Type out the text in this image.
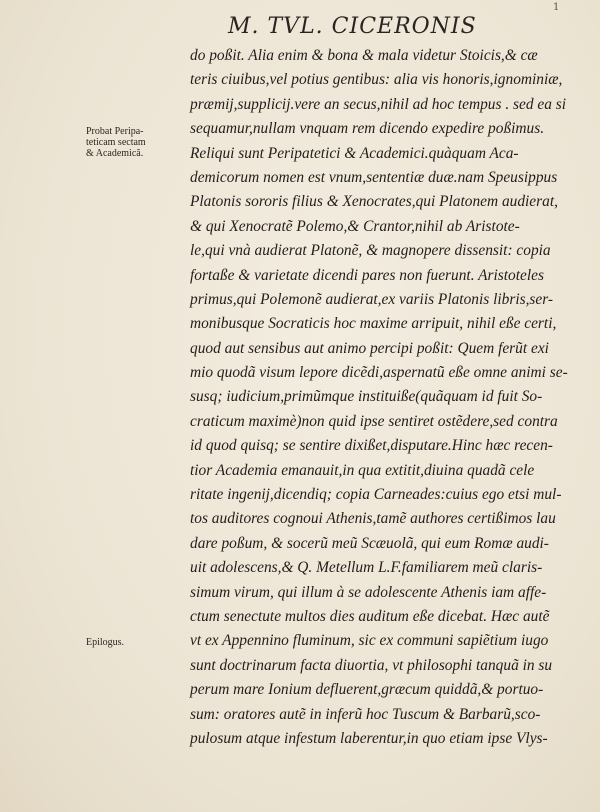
1
M. TVL. CICERONIS
Probat Peripa-
teticam sectam
& Academicã.
Epilogus.
do poßit. Alia enim & bona & mala videtur Stoicis,& cæ
teris ciuibus,vel potius gentibus: alia vis honoris,ignominiæ,
præmij,supplicij.vere an secus,nihil ad hoc tempus . sed ea si
sequamur,nullam vnquam rem dicendo expedire poßimus.
Reliqui sunt Peripatetici & Academici.quàquam Aca-
demicorum nomen est vnum,sententiæ duæ.nam Speusippus
Platonis sororis filius & Xenocrates,qui Platonem audierat,
& qui Xenocratẽ Polemo,& Crantor,nihil ab Aristote-
le,qui vnà audierat Platonẽ, & magnopere dissensit: copia
fortaße & varietate dicendi pares non fuerunt. Aristoteles
primus,qui Polemonẽ audierat,ex variis Platonis libris,ser-
monibusque Socraticis hoc maxime arripuit, nihil eße certi,
quod aut sensibus aut animo percipi poßit: Quem ferũt exi
mio quodã visum lepore dicẽdi,aspernatũ eße omne animi se-
susq; iudicium,primũmque instituiße(quãquam id fuit So-
craticum maximè)non quid ipse sentiret ostẽdere,sed contra
id quod quisq; se sentire dixißet,disputare.Hinc hæc recen-
tior Academia emanauit,in qua extitit,diuina quadã cele
ritate ingenij,dicendiq; copia Carneades:cuius ego etsi mul-
tos auditores cognoui Athenis,tamẽ authores certißimos lau
dare poßum, & socerũ meũ Scæuolã, qui eum Romæ audi-
uit adolescens,& Q. Metellum L.F.familiarem meũ claris-
simum virum, qui illum à se adolescente Athenis iam affe-
ctum senectute multos dies auditum eße dicebat. Hæc autẽ
vt ex Appennino fluminum, sic ex communi sapiẽtium iugo
sunt doctrinarum facta diuortia, vt philosophi tanquã in su
perum mare Ionium defluerent,græcum quiddã,& portuo-
sum: oratores autẽ in inferũ hoc Tuscum & Barbarũ,sco-
pulosum atque infestum laberentur,in quo etiam ipse Vlys-
